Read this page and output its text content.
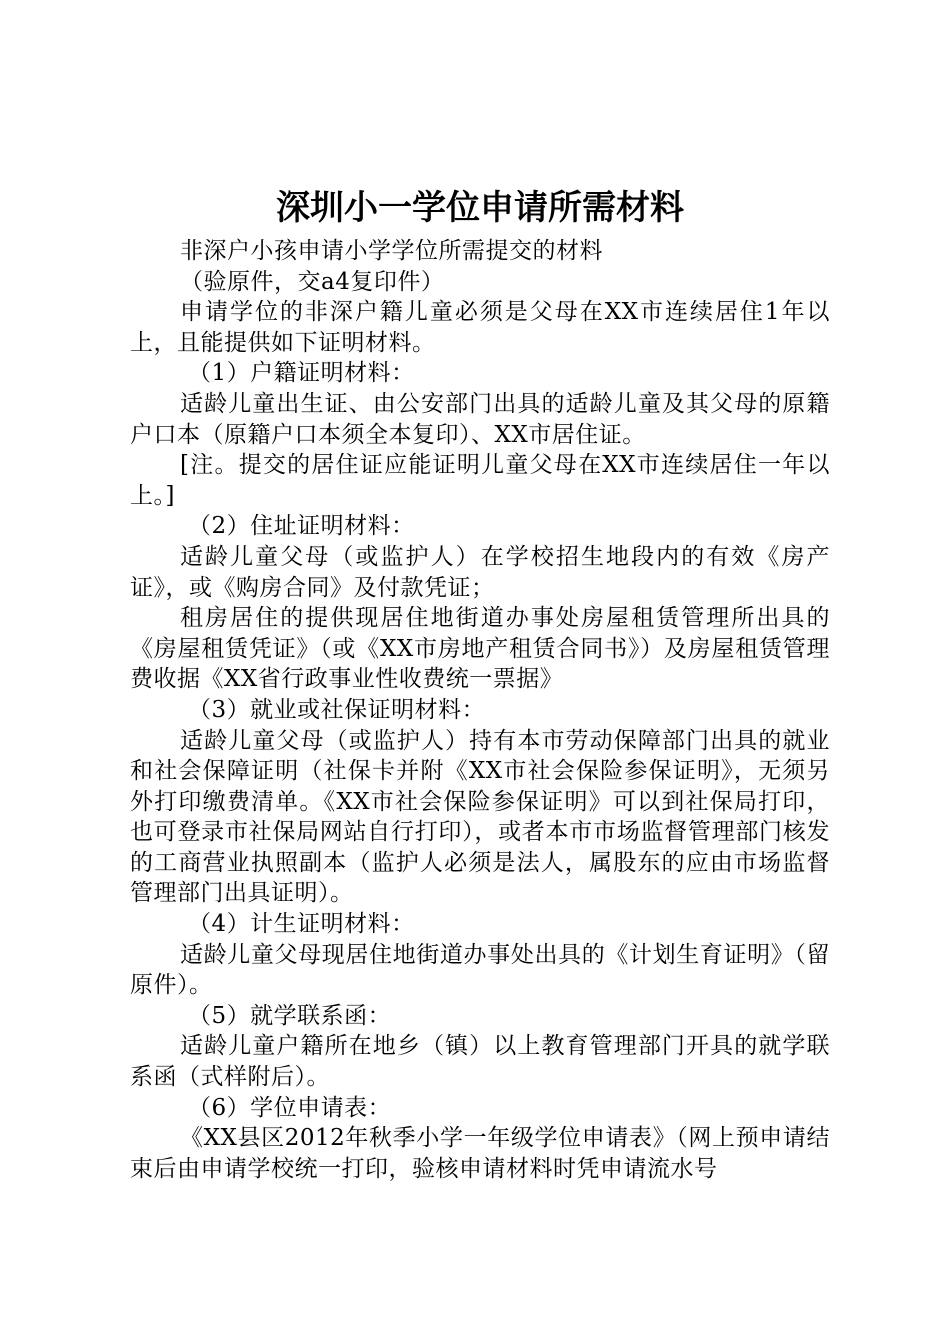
深圳小一学位申请所需材料

非深户小孩申请小学学位所需提交的材料

（验原件，交a4复印件）

申请学位的非深户籍儿童必须是父母在XX市连续居住1年以上，且能提供如下证明材料。

（1）户籍证明材料：

适龄儿童出生证、由公安部门出具的适龄儿童及其父母的原籍户口本（原籍户口本须全本复印）、XX市居住证。

[注。提交的居住证应能证明儿童父母在XX市连续居住一年以上。]

（2）住址证明材料：

适龄儿童父母（或监护人）在学校招生地段内的有效《房产证》，或《购房合同》及付款凭证；

租房居住的提供现居住地街道办事处房屋租赁管理所出具的《房屋租赁凭证》（或《XX市房地产租赁合同书》）及房屋租赁管理费收据《XX省行政事业性收费统一票据》

（3）就业或社保证明材料：

适龄儿童父母（或监护人）持有本市劳动保障部门出具的就业和社会保障证明（社保卡并附《XX市社会保险参保证明》，无须另外打印缴费清单。《XX市社会保险参保证明》可以到社保局打印，也可登录市社保局网站自行打印），或者本市市场监督管理部门核发的工商营业执照副本（监护人必须是法人，属股东的应由市场监督管理部门出具证明）。

（4）计生证明材料：

适龄儿童父母现居住地街道办事处出具的《计划生育证明》（留原件）。

（5）就学联系函：

适龄儿童户籍所在地乡（镇）以上教育管理部门开具的就学联系函（式样附后）。

（6）学位申请表：

《XX县区2012年秋季小学一年级学位申请表》（网上预申请结束后由申请学校统一打印，验核申请材料时凭申请流水号
